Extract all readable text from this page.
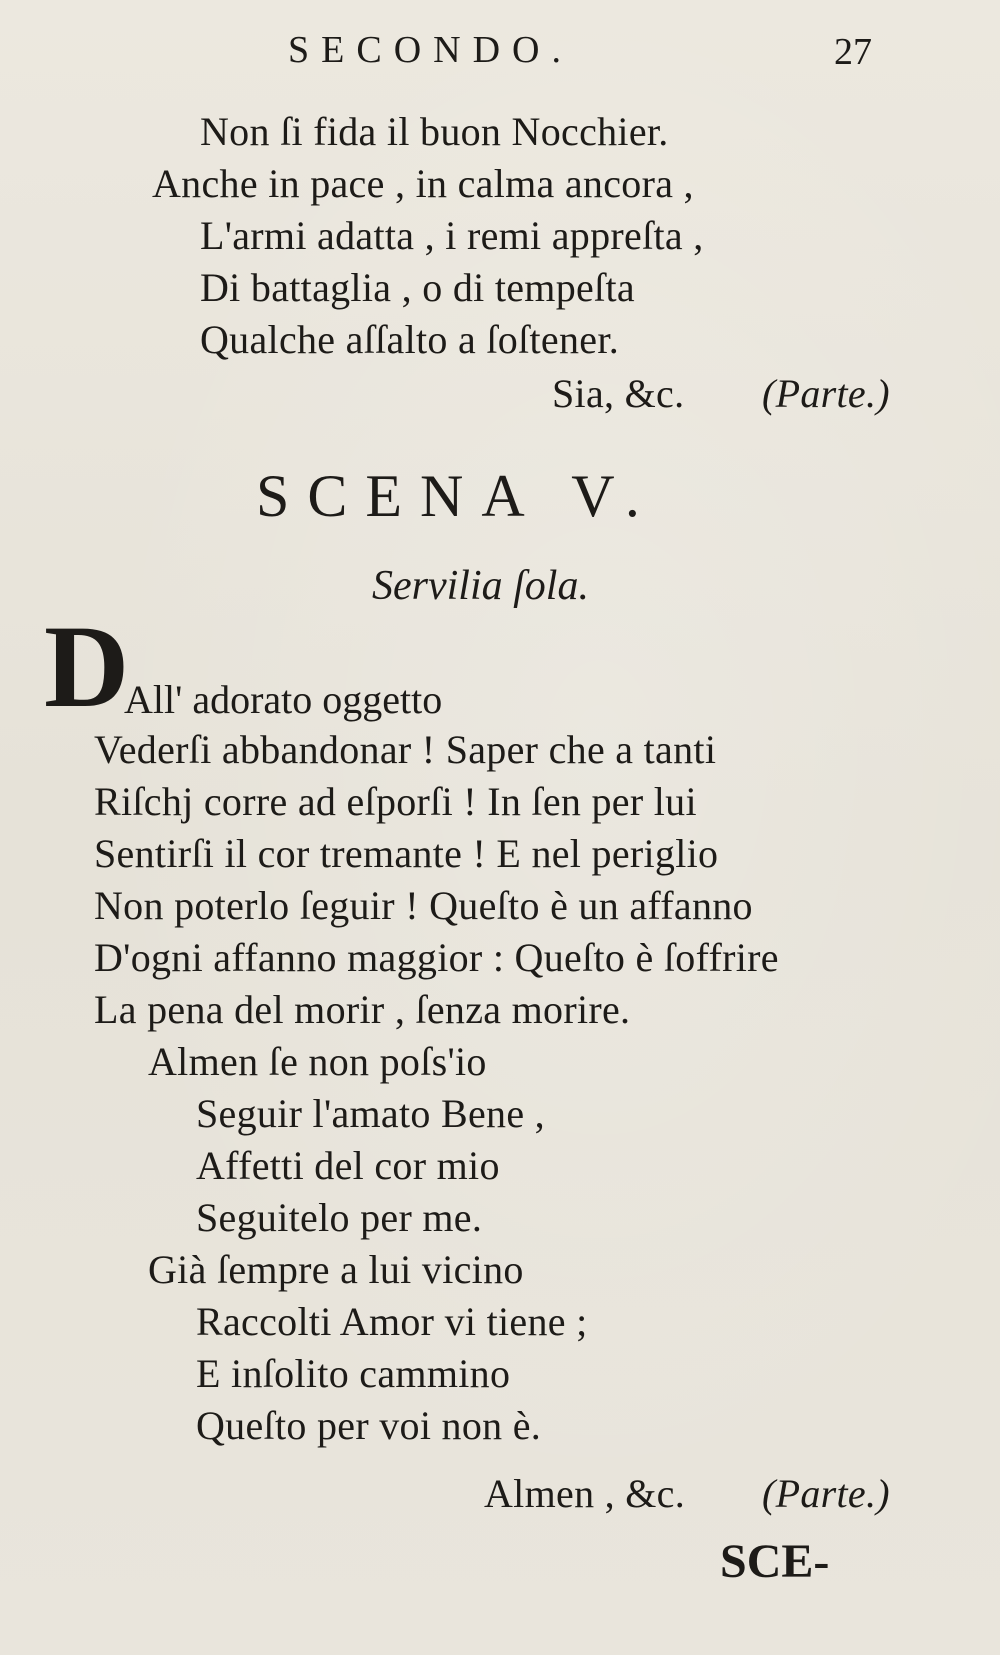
SECONDO.	27
Non ſi fida il buon Nocchier.
Anche in pace , in calma ancora ,
L'armi adatta , i remi appreſta ,
Di battaglia , o di tempeſta
Qualche aſſalto a ſoſtener.
Sia, &c. (Parte.)
SCENA V.
Servilia ſola.
D
All' adorato oggetto
Vederſi abbandonar ! Saper che a tanti
Riſchj corre ad eſporſi ! In ſen per lui
Sentirſi il cor tremante ! E nel periglio
Non poterlo ſeguir ! Queſto è un affanno
D'ogni affanno maggior : Queſto è ſoffrire
La pena del morir , ſenza morire.
Almen ſe non poſs'io
Seguir l'amato Bene ,
Affetti del cor mio
Seguitelo per me.
Già ſempre a lui vicino
Raccolti Amor vi tiene ;
E inſolito cammino
Queſto per voi non è.
Almen , &c. (Parte.)
SCE-
